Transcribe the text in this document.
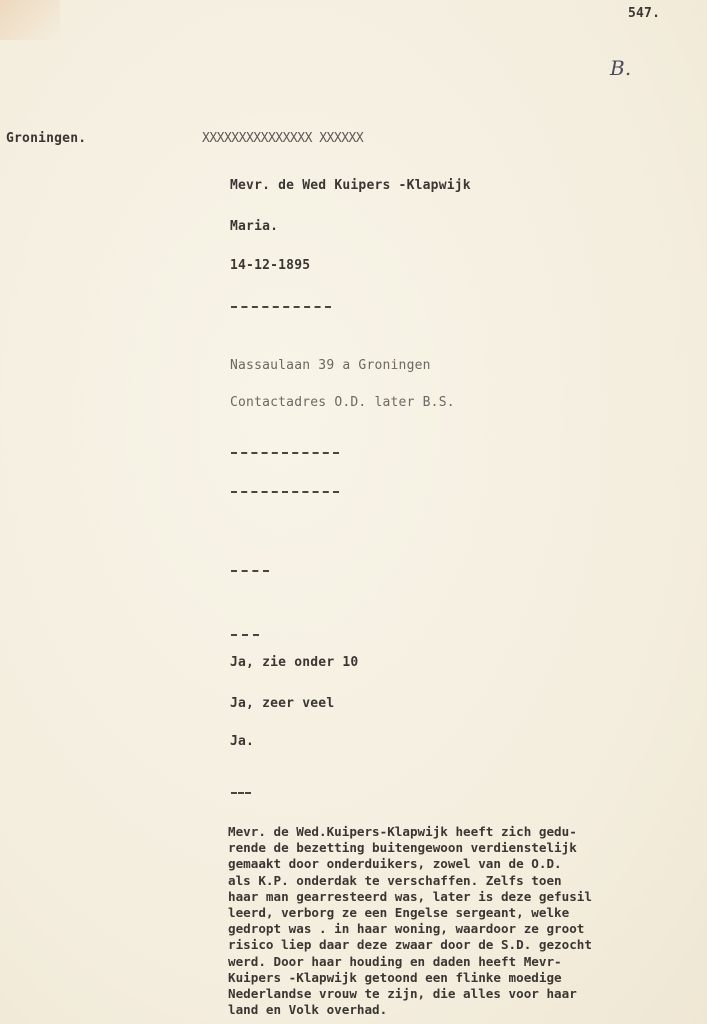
547.
B.
Groningen.	XXXXXXXXXXXXXXX XXXXXX
Mevr. de Wed Kuipers -Klapwijk
Maria.
14-12-1895
Nassaulaan 39 a Groningen
Contactadres O.D. later B.S.
Ja, zie onder 10
Ja, zeer veel
Ja.
Mevr. de Wed.Kuipers-Klapwijk heeft zich gedu-
rende de bezetting buitengewoon verdienstelijk
gemaakt door onderduikers, zowel van de O.D.
als K.P. onderdak te verschaffen. Zelfs toen
haar man gearresteerd was, later is deze gefusil
leerd, verborg ze een Engelse sergeant, welke
gedropt was . in haar woning, waardoor ze groot
risico liep daar deze zwaar door de S.D. gezocht
werd. Door haar houding en daden heeft Mevr-
Kuipers -Klapwijk getoond een flinke moedige
Nederlandse vrouw te zijn, die alles voor haar
land en Volk overhad.
